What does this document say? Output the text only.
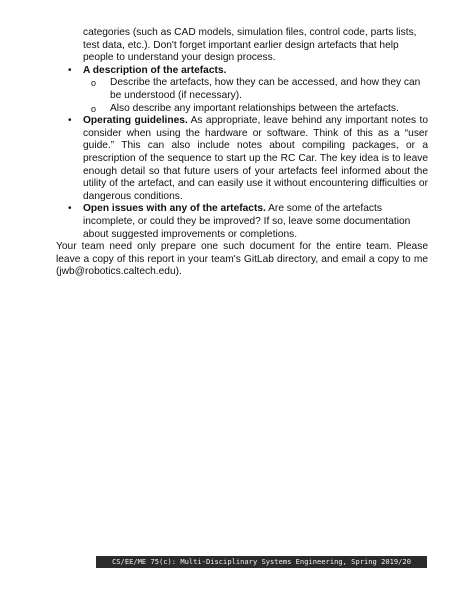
categories (such as CAD models, simulation files, control code, parts lists, test data, etc.). Don't forget important earlier design artefacts that help people to understand your design process.

• A description of the artefacts.
o Describe the artefacts, how they can be accessed, and how they can be understood (if necessary).
o Also describe any important relationships between the artefacts.
• Operating guidelines. As appropriate, leave behind any important notes to consider when using the hardware or software. Think of this as a “user guide.” This can also include notes about compiling packages, or a prescription of the sequence to start up the RC Car. The key idea is to leave enough detail so that future users of your artefacts feel informed about the utility of the artefact, and can easily use it without encountering difficulties or dangerous conditions.
• Open issues with any of the artefacts. Are some of the artefacts incomplete, or could they be improved? If so, leave some documentation about suggested improvements or completions.

Your team need only prepare one such document for the entire team. Please leave a copy of this report in your team's GitLab directory, and email a copy to me (jwb@robotics.caltech.edu).

CS/EE/ME 75(c): Multi-Disciplinary Systems Engineering, Spring 2019/20
